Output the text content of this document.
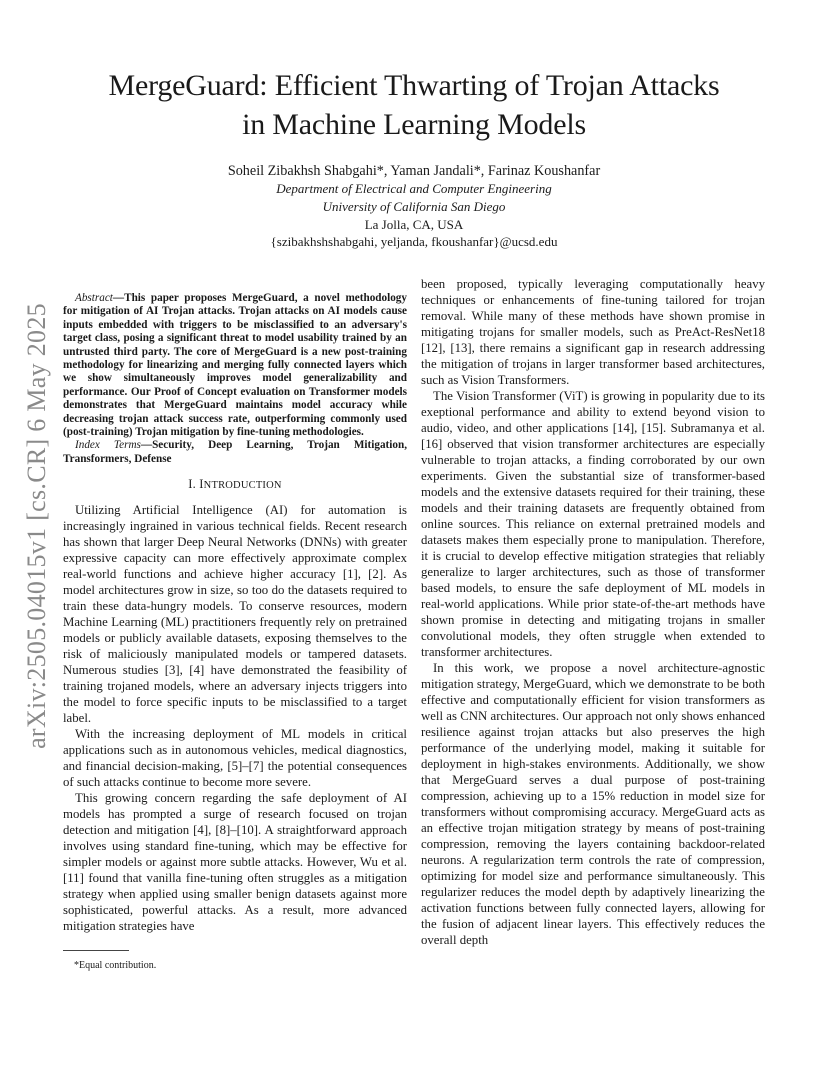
MergeGuard: Efficient Thwarting of Trojan Attacks
in Machine Learning Models
Soheil Zibakhsh Shabgahi*, Yaman Jandali*, Farinaz Koushanfar
Department of Electrical and Computer Engineering
University of California San Diego
La Jolla, CA, USA
{szibakhshshabgahi, yeljanda, fkoushanfar}@ucsd.edu
arXiv:2505.04015v1 [cs.CR] 6 May 2025

Abstract—This paper proposes MergeGuard, a novel methodology for mitigation of AI Trojan attacks. Trojan attacks on AI models cause inputs embedded with triggers to be misclassified to an adversary's target class, posing a significant threat to model usability trained by an untrusted third party. The core of MergeGuard is a new post-training methodology for linearizing and merging fully connected layers which we show simultaneously improves model generalizability and performance. Our Proof of Concept evaluation on Transformer models demonstrates that MergeGuard maintains model accuracy while decreasing trojan attack success rate, outperforming commonly used (post-training) Trojan mitigation by fine-tuning methodologies.

Index Terms—Security, Deep Learning, Trojan Mitigation, Transformers, Defense

I. INTRODUCTION

Utilizing Artificial Intelligence (AI) for automation is increasingly ingrained in various technical fields. Recent research has shown that larger Deep Neural Networks (DNNs) with greater expressive capacity can more effectively approximate complex real-world functions and achieve higher accuracy [1], [2]. As model architectures grow in size, so too do the datasets required to train these data-hungry models. To conserve resources, modern Machine Learning (ML) practitioners frequently rely on pretrained models or publicly available datasets, exposing themselves to the risk of maliciously manipulated models or tampered datasets. Numerous studies [3], [4] have demonstrated the feasibility of training trojaned models, where an adversary injects triggers into the model to force specific inputs to be misclassified to a target label.

With the increasing deployment of ML models in critical applications such as in autonomous vehicles, medical diagnostics, and financial decision-making, [5]–[7] the potential consequences of such attacks continue to become more severe.

This growing concern regarding the safe deployment of AI models has prompted a surge of research focused on trojan detection and mitigation [4], [8]–[10]. A straightforward approach involves using standard fine-tuning, which may be effective for simpler models or against more subtle attacks. However, Wu et al. [11] found that vanilla fine-tuning often struggles as a mitigation strategy when applied using smaller benign datasets against more sophisticated, powerful attacks. As a result, more advanced mitigation strategies have

been proposed, typically leveraging computationally heavy techniques or enhancements of fine-tuning tailored for trojan removal. While many of these methods have shown promise in mitigating trojans for smaller models, such as PreAct-ResNet18 [12], [13], there remains a significant gap in research addressing the mitigation of trojans in larger transformer based architectures, such as Vision Transformers.

The Vision Transformer (ViT) is growing in popularity due to its exeptional performance and ability to extend beyond vision to audio, video, and other applications [14], [15]. Subramanya et al. [16] observed that vision transformer architectures are especially vulnerable to trojan attacks, a finding corroborated by our own experiments. Given the substantial size of transformer-based models and the extensive datasets required for their training, these models and their training datasets are frequently obtained from online sources. This reliance on external pretrained models and datasets makes them especially prone to manipulation. Therefore, it is crucial to develop effective mitigation strategies that reliably generalize to larger architectures, such as those of transformer based models, to ensure the safe deployment of ML models in real-world applications. While prior state-of-the-art methods have shown promise in detecting and mitigating trojans in smaller convolutional models, they often struggle when extended to transformer architectures.

In this work, we propose a novel architecture-agnostic mitigation strategy, MergeGuard, which we demonstrate to be both effective and computationally efficient for vision transformers as well as CNN architectures. Our approach not only shows enhanced resilience against trojan attacks but also preserves the high performance of the underlying model, making it suitable for deployment in high-stakes environments. Additionally, we show that MergeGuard serves a dual purpose of post-training compression, achieving up to a 15% reduction in model size for transformers without compromising accuracy. MergeGuard acts as an effective trojan mitigation strategy by means of post-training compression, removing the layers containing backdoor-related neurons. A regularization term controls the rate of compression, optimizing for model size and performance simultaneously. This regularizer reduces the model depth by adaptively linearizing the activation functions between fully connected layers, allowing for the fusion of adjacent linear layers. This effectively reduces the overall depth

*Equal contribution.
